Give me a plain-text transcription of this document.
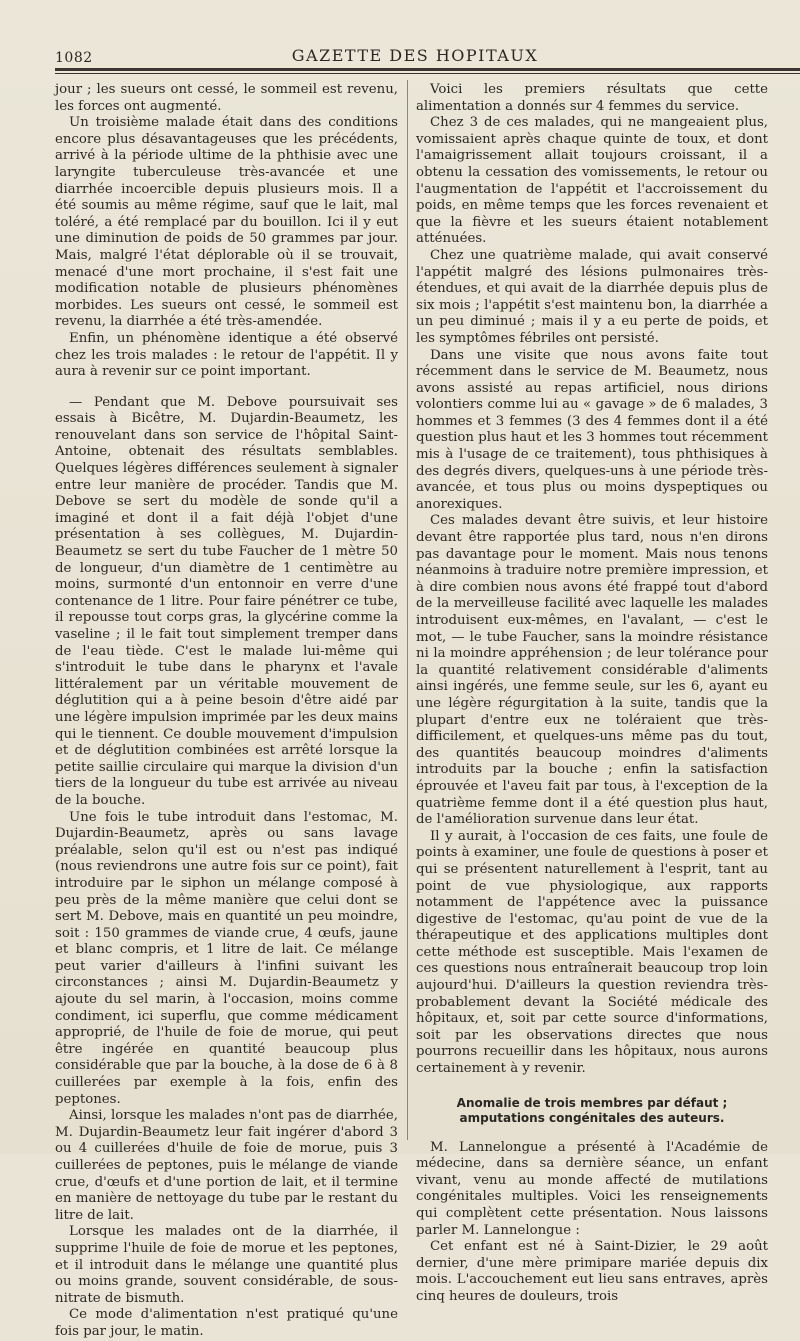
1082	GAZETTE DES HOPITAUX

jour ; les sueurs ont cessé, le sommeil est revenu, les forces ont augmenté.

Un troisième malade était dans des conditions encore plus désavantageuses que les précédents, arrivé à la période ultime de la phthisie avec une laryngite tuberculeuse très-avancée et une diarrhée incoercible depuis plusieurs mois. Il a été soumis au même régime, sauf que le lait, mal toléré, a été remplacé par du bouillon. Ici il y eut une diminution de poids de 50 grammes par jour. Mais, malgré l'état déplorable où il se trouvait, menacé d'une mort prochaine, il s'est fait une modification notable de plusieurs phénomènes morbides. Les sueurs ont cessé, le sommeil est revenu, la diarrhée a été très-amendée.

Enfin, un phénomène identique a été observé chez les trois malades : le retour de l'appétit. Il y aura à revenir sur ce point important.

— Pendant que M. Debove poursuivait ses essais à Bicêtre, M. Dujardin-Beaumetz, les renouvelant dans son service de l'hôpital Saint-Antoine, obtenait des résultats semblables. Quelques légères différences seulement à signaler entre leur manière de procéder. Tandis que M. Debove se sert du modèle de sonde qu'il a imaginé et dont il a fait déjà l'objet d'une présentation à ses collègues, M. Dujardin-Beaumetz se sert du tube Faucher de 1 mètre 50 de longueur, d'un diamètre de 1 centimètre au moins, surmonté d'un entonnoir en verre d'une contenance de 1 litre. Pour faire pénétrer ce tube, il repousse tout corps gras, la glycérine comme la vaseline ; il le fait tout simplement tremper dans de l'eau tiède. C'est le malade lui-même qui s'introduit le tube dans le pharynx et l'avale littéralement par un véritable mouvement de déglutition qui a à peine besoin d'être aidé par une légère impulsion imprimée par les deux mains qui le tiennent. Ce double mouvement d'impulsion et de déglutition combinées est arrêté lorsque la petite saillie circulaire qui marque la division d'un tiers de la longueur du tube est arrivée au niveau de la bouche.

Une fois le tube introduit dans l'estomac, M. Dujardin-Beaumetz, après ou sans lavage préalable, selon qu'il est ou n'est pas indiqué (nous reviendrons une autre fois sur ce point), fait introduire par le siphon un mélange composé à peu près de la même manière que celui dont se sert M. Debove, mais en quantité un peu moindre, soit : 150 grammes de viande crue, 4 œufs, jaune et blanc compris, et 1 litre de lait. Ce mélange peut varier d'ailleurs à l'infini suivant les circonstances ; ainsi M. Dujardin-Beaumetz y ajoute du sel marin, à l'occasion, moins comme condiment, ici superflu, que comme médicament approprié, de l'huile de foie de morue, qui peut être ingérée en quantité beaucoup plus considérable que par la bouche, à la dose de 6 à 8 cuillerées par exemple à la fois, enfin des peptones.

Ainsi, lorsque les malades n'ont pas de diarrhée, M. Dujardin-Beaumetz leur fait ingérer d'abord 3 ou 4 cuillerées d'huile de foie de morue, puis 3 cuillerées de peptones, puis le mélange de viande crue, d'œufs et d'une portion de lait, et il termine en manière de nettoyage du tube par le restant du litre de lait.

Lorsque les malades ont de la diarrhée, il supprime l'huile de foie de morue et les peptones, et il introduit dans le mélange une quantité plus ou moins grande, souvent considérable, de sous-nitrate de bismuth.

Ce mode d'alimentation n'est pratiqué qu'une fois par jour, le matin.

Voici les premiers résultats que cette alimentation a donnés sur 4 femmes du service.

Chez 3 de ces malades, qui ne mangeaient plus, vomissaient après chaque quinte de toux, et dont l'amaigrissement allait toujours croissant, il a obtenu la cessation des vomissements, le retour ou l'augmentation de l'appétit et l'accroissement du poids, en même temps que les forces revenaient et que la fièvre et les sueurs étaient notablement atténuées.

Chez une quatrième malade, qui avait conservé l'appétit malgré des lésions pulmonaires très-étendues, et qui avait de la diarrhée depuis plus de six mois ; l'appétit s'est maintenu bon, la diarrhée a un peu diminué ; mais il y a eu perte de poids, et les symptômes fébriles ont persisté.

Dans une visite que nous avons faite tout récemment dans le service de M. Beaumetz, nous avons assisté au repas artificiel, nous dirions volontiers comme lui au « gavage » de 6 malades, 3 hommes et 3 femmes (3 des 4 femmes dont il a été question plus haut et les 3 hommes tout récemment mis à l'usage de ce traitement), tous phthisiques à des degrés divers, quelques-uns à une période très-avancée, et tous plus ou moins dyspeptiques ou anorexiques.

Ces malades devant être suivis, et leur histoire devant être rapportée plus tard, nous n'en dirons pas davantage pour le moment. Mais nous tenons néanmoins à traduire notre première impression, et à dire combien nous avons été frappé tout d'abord de la merveilleuse facilité avec laquelle les malades introduisent eux-mêmes, en l'avalant, — c'est le mot, — le tube Faucher, sans la moindre résistance ni la moindre appréhension ; de leur tolérance pour la quantité relativement considérable d'aliments ainsi ingérés, une femme seule, sur les 6, ayant eu une légère régurgitation à la suite, tandis que la plupart d'entre eux ne toléraient que très-difficilement, et quelques-uns même pas du tout, des quantités beaucoup moindres d'aliments introduits par la bouche ; enfin la satisfaction éprouvée et l'aveu fait par tous, à l'exception de la quatrième femme dont il a été question plus haut, de l'amélioration survenue dans leur état.

Il y aurait, à l'occasion de ces faits, une foule de points à examiner, une foule de questions à poser et qui se présentent naturellement à l'esprit, tant au point de vue physiologique, aux rapports notamment de l'appétence avec la puissance digestive de l'estomac, qu'au point de vue de la thérapeutique et des applications multiples dont cette méthode est susceptible. Mais l'examen de ces questions nous entraînerait beaucoup trop loin aujourd'hui. D'ailleurs la question reviendra très-probablement devant la Société médicale des hôpitaux, et, soit par cette source d'informations, soit par les observations directes que nous pourrons recueillir dans les hôpitaux, nous aurons certainement à y revenir.

Anomalie de trois membres par défaut ; amputations congénitales des auteurs.

M. Lannelongue a présenté à l'Académie de médecine, dans sa dernière séance, un enfant vivant, venu au monde affecté de mutilations congénitales multiples. Voici les renseignements qui complètent cette présentation. Nous laissons parler M. Lannelongue :

Cet enfant est né à Saint-Dizier, le 29 août dernier, d'une mère primipare mariée depuis dix mois. L'accouchement eut lieu sans entraves, après cinq heures de douleurs, trois
